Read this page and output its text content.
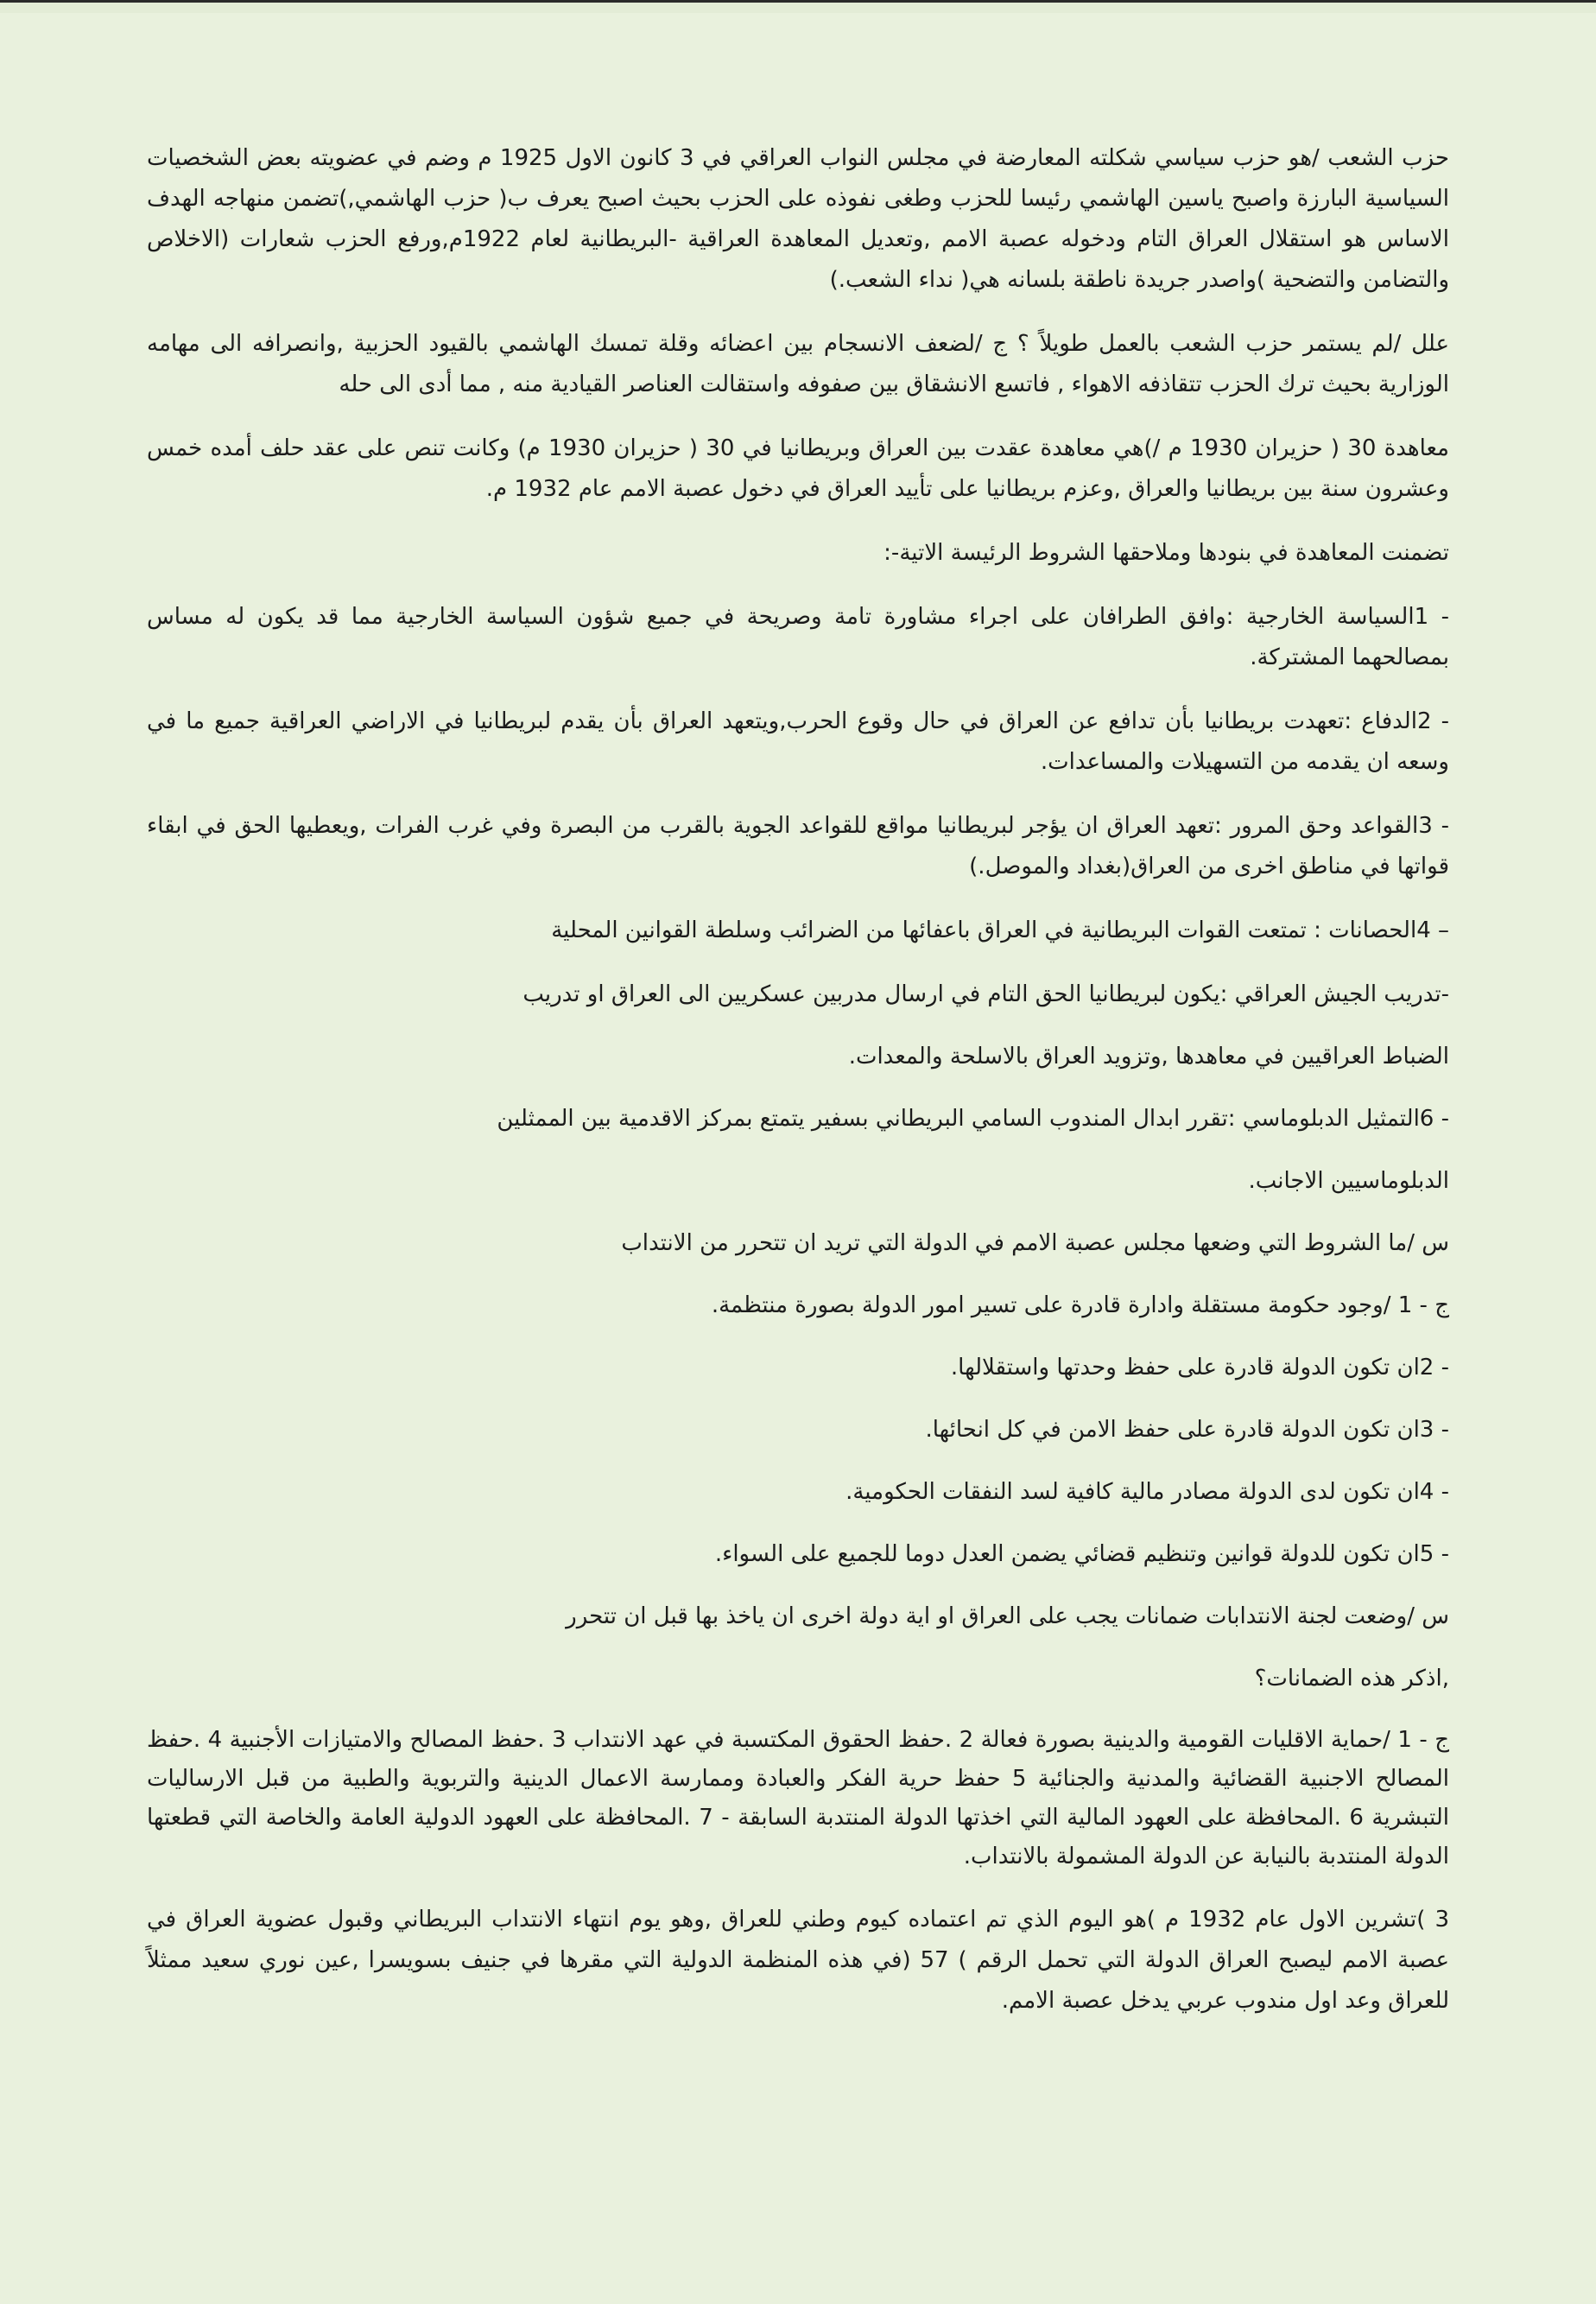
حزب الشعب /هو حزب سياسي شكلته المعارضة في مجلس النواب العراقي في 3 كانون الاول 1925 م وضم في عضويته بعض الشخصيات السياسية البارزة واصبح ياسين الهاشمي رئيسا للحزب وطغى نفوذه على الحزب بحيث اصبح يعرف ب( حزب الهاشمي,)تضمن منهاجه الهدف الاساس هو استقلال العراق التام ودخوله عصبة الامم ,وتعديل المعاهدة العراقية -البريطانية لعام 1922م,ورفع الحزب شعارات (الاخلاص والتضامن والتضحية )واصدر جريدة ناطقة بلسانه هي( نداء الشعب.)

علل /لم يستمر حزب الشعب بالعمل طويلاً ؟ ج /لضعف الانسجام بين اعضائه وقلة تمسك الهاشمي بالقيود الحزبية ,وانصرافه الى مهامه الوزارية بحيث ترك الحزب تتقاذفه الاهواء , فاتسع الانشقاق بين صفوفه واستقالت العناصر القيادية منه , مما أدى الى حله

معاهدة 30 ( حزيران 1930 م /)هي معاهدة عقدت بين العراق وبريطانيا في 30 ( حزيران 1930 م) وكانت تنص على عقد حلف أمده خمس وعشرون سنة بين بريطانيا والعراق ,وعزم بريطانيا على تأييد العراق في دخول عصبة الامم عام 1932 م.

تضمنت المعاهدة في بنودها وملاحقها الشروط الرئيسة الاتية-:

- 1السياسة الخارجية :وافق الطرافان على اجراء مشاورة تامة وصريحة في جميع شؤون السياسة الخارجية مما قد يكون له مساس بمصالحهما المشتركة.

- 2الدفاع :تعهدت بريطانيا بأن تدافع عن العراق في حال وقوع الحرب,ويتعهد العراق بأن يقدم لبريطانيا في الاراضي العراقية جميع ما في وسعه ان يقدمه من التسهيلات والمساعدات.

- 3القواعد وحق المرور :تعهد العراق ان يؤجر لبريطانيا مواقع للقواعد الجوية بالقرب من البصرة وفي غرب الفرات ,ويعطيها الحق في ابقاء قواتها في مناطق اخرى من العراق(بغداد والموصل.)

– 4الحصانات : تمتعت القوات البريطانية في العراق باعفائها من الضرائب وسلطة القوانين المحلية

-تدريب الجيش العراقي :يكون لبريطانيا الحق التام في ارسال مدربين عسكريين الى العراق او تدريب

الضباط العراقيين في معاهدها ,وتزويد العراق بالاسلحة والمعدات.

- 6التمثيل الدبلوماسي :تقرر ابدال المندوب السامي البريطاني بسفير يتمتع بمركز الاقدمية بين الممثلين

الدبلوماسيين الاجانب.

س /ما الشروط التي وضعها مجلس عصبة الامم في الدولة التي تريد ان تتحرر من الانتداب

ج - 1 /وجود حكومة مستقلة وادارة قادرة على تسير امور الدولة بصورة منتظمة.

- 2ان تكون الدولة قادرة على حفظ وحدتها واستقلالها.

- 3ان تكون الدولة قادرة على حفظ الامن في كل انحائها.

- 4ان تكون لدى الدولة مصادر مالية كافية لسد النفقات الحكومية.

- 5ان تكون للدولة قوانين وتنظيم قضائي يضمن العدل دوما للجميع على السواء.

س /وضعت لجنة الانتدابات ضمانات يجب على العراق او اية دولة اخرى ان ياخذ بها قبل ان تتحرر

,اذكر هذه الضمانات؟

ج - 1 /حماية الاقليات القومية والدينية بصورة فعالة 2 .حفظ الحقوق المكتسبة في عهد الانتداب 3 .حفظ المصالح والامتيازات الأجنبية 4 .حفظ المصالح الاجنبية القضائية والمدنية والجنائية 5 حفظ حرية الفكر والعبادة وممارسة الاعمال الدينية والتربوية والطبية من قبل الارساليات التبشرية 6 .المحافظة على العهود المالية التي اخذتها الدولة المنتدبة السابقة - 7 .المحافظة على العهود الدولية العامة والخاصة التي قطعتها الدولة المنتدبة بالنيابة عن الدولة المشمولة بالانتداب.

3 )تشرين الاول عام 1932 م )هو اليوم الذي تم اعتماده كيوم وطني للعراق ,وهو يوم انتهاء الانتداب البريطاني وقبول عضوية العراق في عصبة الامم ليصبح العراق الدولة التي تحمل الرقم ) 57 (في هذه المنظمة الدولية التي مقرها في جنيف بسويسرا ,عين نوري سعيد ممثلاً للعراق وعد اول مندوب عربي يدخل عصبة الامم.
